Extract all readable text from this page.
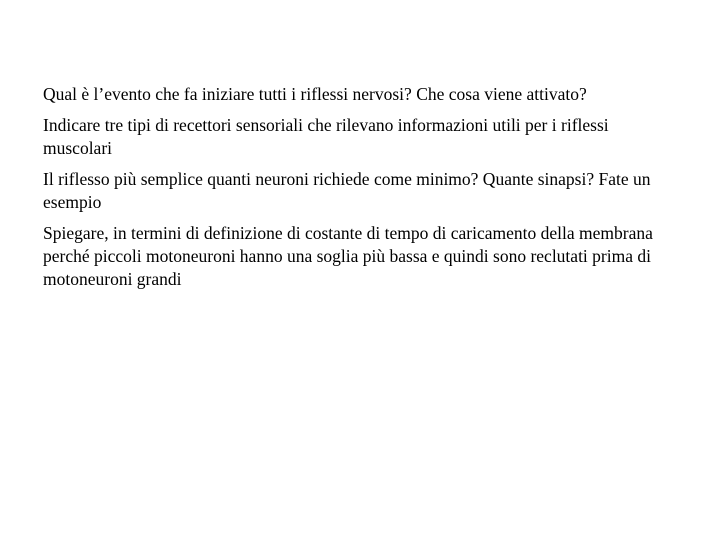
Qual è l’evento che fa iniziare tutti i riflessi nervosi? Che cosa viene attivato?
Indicare tre tipi di recettori sensoriali che rilevano informazioni utili per i riflessi muscolari
Il riflesso più semplice quanti neuroni richiede come minimo? Quante sinapsi? Fate un esempio
Spiegare, in termini di definizione di costante di tempo di caricamento della membrana perché piccoli motoneuroni hanno una soglia più bassa e quindi sono reclutati prima di motoneuroni grandi
